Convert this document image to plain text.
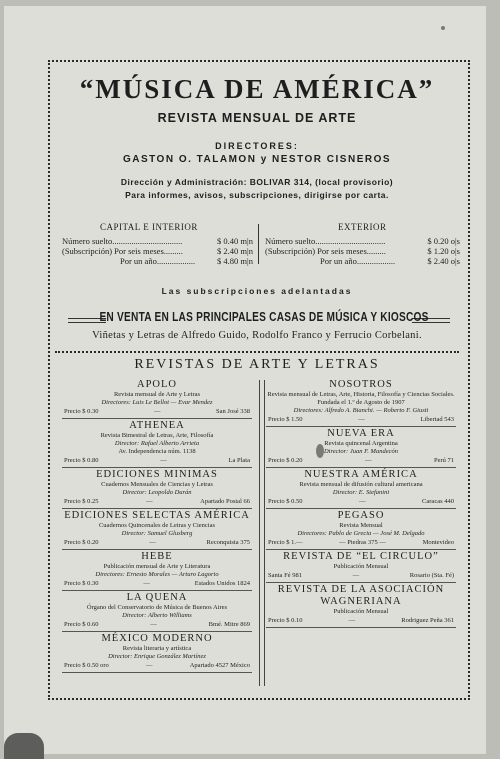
“MÚSICA DE AMÉRICA”
REVISTA MENSUAL DE ARTE
DIRECTORES:
GASTON O. TALAMON y NESTOR CISNEROS
Dirección y Administración: BOLIVAR 314, (local provisorio)
Para informes, avisos, subscripciones, dirigirse por carta.
CAPITAL E INTERIOR	EXTERIOR
Número suelto.................................	$ 0.40 m|n
(Subscripción) Por seis meses.........	$ 2.40 m|n
Por un año..................	$ 4.80 m|n
Número suelto.................................	$ 0.20 o|s
(Subscripción) Por seis meses.........	$ 1.20 o|s
Por un año..................	$ 2.40 o|s
Las subscripciones adelantadas
EN VENTA EN LAS PRINCIPALES CASAS DE MÚSICA Y KIOSCOS
Viñetas y Letras de Alfredo Guido, Rodolfo Franco y Ferrucio Corbelani.
REVISTAS DE ARTE Y LETRAS
APOLO
Revista mensual de Arte y Letras
Directores: Luis Le Bellot — Evar Mendez
Precio $ 0.30	—	San José 338
ATHENEA
Revista Bimestral de Letras, Arte, Filosofía
Director: Rafael Alberto Arrieta
Av. Independencia núm. 1138
Precio $ 0.80	—	La Plata
EDICIONES MINIMAS
Cuadernos Mensuales de Ciencias y Letras
Director: Leopoldo Durán
Precio $ 0.25	—	Apartado Postal 66
EDICIONES SELECTAS AMÉRICA
Cuadernos Quincenales de Letras y Ciencias
Director: Samuel Glusberg
Precio $ 0.20	—	Reconquista 375
HEBE
Publicación mensual de Arte y Literatura
Directores: Ernesto Morales — Arturo Lagorio
Precio $ 0.30	—	Estados Unidos 1824
LA QUENA
Órgano del Conservatorio de Música de Buenos Aires
Director: Alberto Williams
Precio $ 0.60	—	Bmé. Mitre 869
MÉXICO MODERNO
Revista literaria y artística
Director: Enrique González Martínez
Precio $ 0.50 oro	—	Apartado 4527 México
NOSOTROS
Revista mensual de Letras, Arte, Historia, Filosofía y Ciencias Sociales.
Fundada el 1.º de Agosto de 1907
Directores: Alfredo A. Bianchi. — Roberto F. Giusti
Precio $ 1.50	—	Libertad 543
NUEVA ERA
Revista quincenal Argentina
Director: Juan F. Mandecón
Precio $ 0.20	—	Perú 71
NUESTRA AMÉRICA
Revista mensual de difusión cultural americana
Director: E. Stefanini
Precio $ 0.50	—	Caracas 440
PEGASO
Revista Mensual
Directores: Pablo de Grecia — José M. Delgado
Precio $ 1.—	— Piedras 375 —	Montevideo
REVISTA DE “EL CIRCULO”
Publicación Mensual
Santa Fé 981	—	Rosario (Sta. Fé)
REVISTA DE LA ASOCIACIÓN WAGNERIANA
Publicación Mensual
Precio $ 0.10	—	Rodriguez Peña 361
